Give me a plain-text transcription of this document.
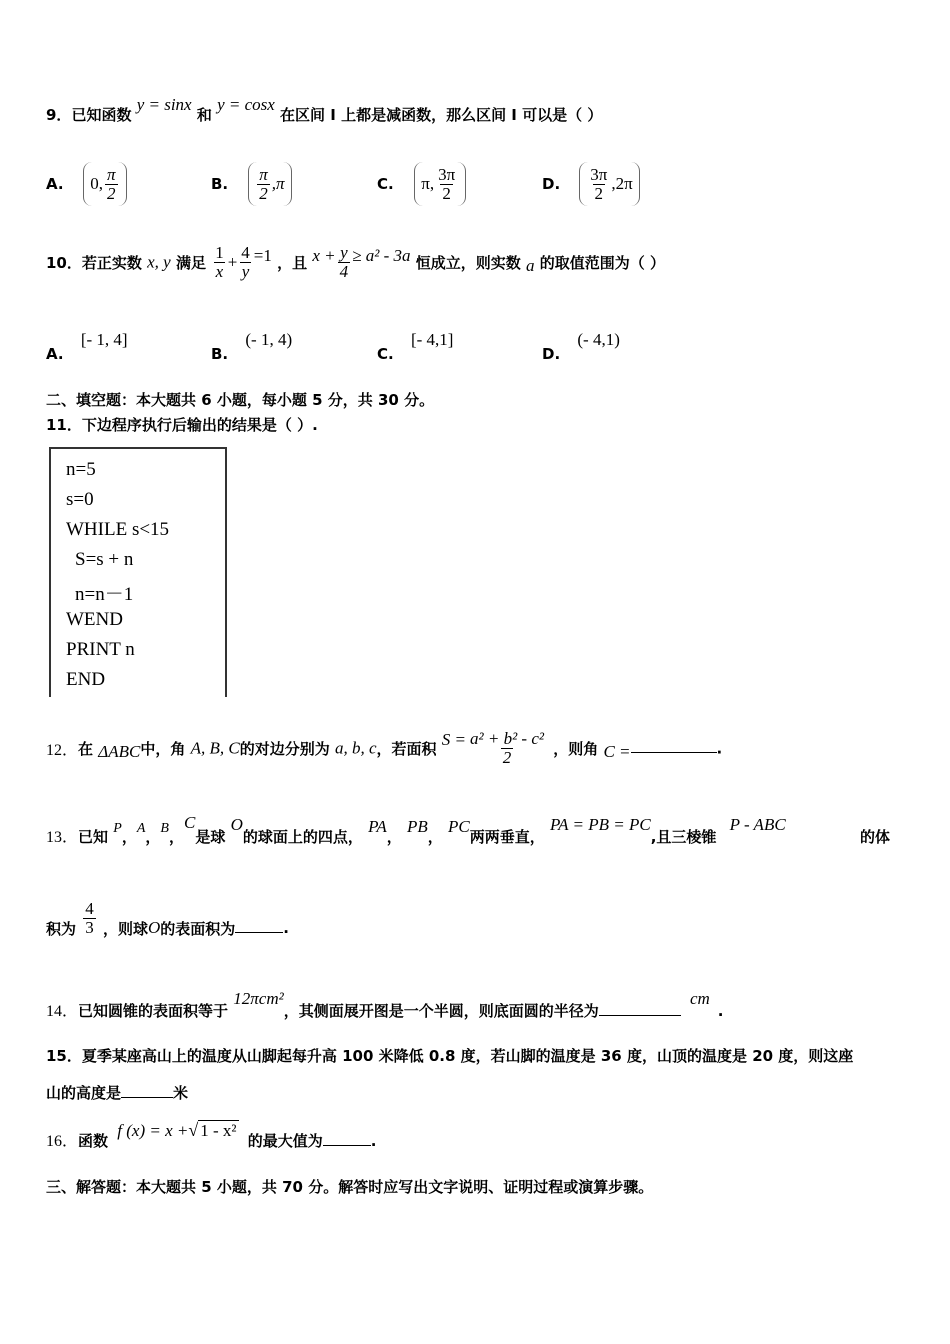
9．已知函数 y = sinx 和 y = cosx 在区间 I 上都是减函数，那么区间 I 可以是（ ）
A. 0, $\frac{\pi}{2}$	B. $\frac{\pi}{2} ,\pi$	C. π, $\frac{3\pi}{2}$	D. $\frac{3\pi}{2} ,2\pi$
10．若正实数 x, y 满足 $\frac{1}{x} + \frac{4}{y} =1$ ，且 $x + \frac{y}{4} \ge a^2 - 3a$ 恒成立，则实数 a 的取值范围为（ ）
A. [- 1, 4]
B. (- 1, 4)
C. [- 4,1]
D. (- 4,1)
二、填空题：本大题共 6 小题，每小题 5 分，共 30 分。
11．下边程序执行后输出的结果是（ ）.
n=5
s=0
WHILE s<15
S=s + n
n=n－1
WEND
PRINT n
END
12．在 ΔABC中，角 A, B, C的对边分别为 a, b, c，若面积 $S = \frac{\text{a² + b² - c²}}{2}$ ，则角 C =	.
13．已知 P，A，B，C是球 O的球面上的四点， PA， PB， PC两两垂直， PA = PB = PC,且三棱锥 P - ABC
的体
积为 $\frac{4}{3}$ ，则球O的表面积为	.
14．已知圆锥的表面积等于 12πcm²，其侧面展开图是一个半圆，则底面圆的半径为 cm.
15．夏季某座高山上的温度从山脚起每升高 100 米降低 0.8 度，若山脚的温度是 36 度，山顶的温度是 20 度，则这座
山的高度是	米
16．函数 f (x) = x +√ 1 - x² 的最大值为	.
三、解答题：本大题共 5 小题，共 70 分。解答时应写出文字说明、证明过程或演算步骤。
